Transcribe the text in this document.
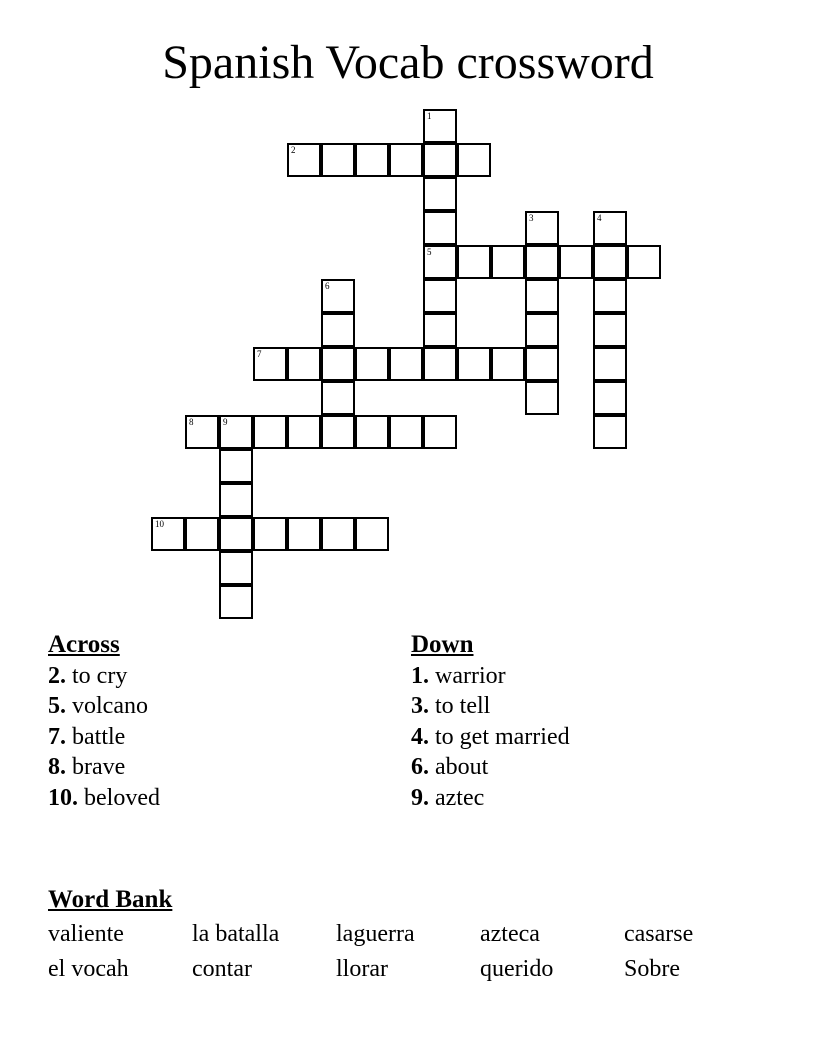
Spanish Vocab crossword
1
5
2
3	4
6
7
8	9
10
Across
2. to cry
5. volcano
7. battle
8. brave
10. beloved
Down
1. warrior
3. to tell
4. to get married
6. about
9. aztec
Word Bank
valiente	la batalla	laguerra	azteca	casarse
el vocah	contar	llorar	querido	Sobre
